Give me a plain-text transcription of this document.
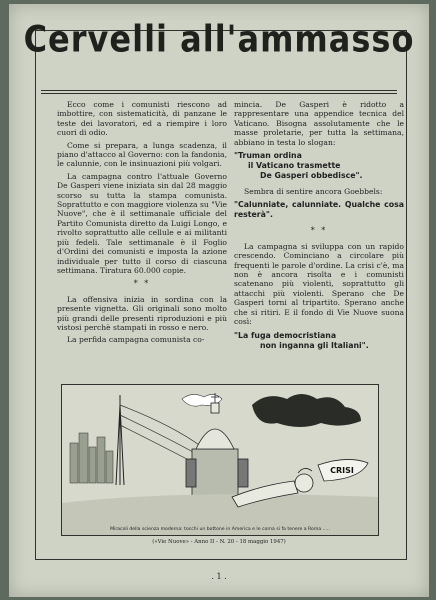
Cervelli all'ammasso

Ecco come i comunisti riescono ad imbottire, con sistematicità, di panzane le teste dei lavoratori, ed a riempire i loro cuori di odio.

Come si prepara, a lunga scadenza, il piano d'attacco al Governo: con la fandonia, le calunnie, con le insinuazioni più volgari.

La campagna contro l'attuale Governo De Gasperi viene iniziata sin dal 28 maggio scorso su tutta la stampa comunista. Soprattutto e con maggiore violenza su "Vie Nuove", che è il settimanale ufficiale del Partito Comunista diretto da Luigi Longo, e rivolto soprattutto alle cellule e ai militanti più fedeli. Tale settimanale è il Foglio d'Ordini dei comunisti e imposta la azione individuale per tutto il corso di ciascuna settimana. Tiratura 60.000 copie.

* *

La offensiva inizia in sordina con la presente vignetta. Gli originali sono molto più grandi delle presenti riproduzioni e più vistosi perchè stampati in rosso e nero.

La perfida campagna comunista co-

mincia. De Gasperi è ridotto a rappresentare una appendice tecnica del Vaticano. Bisogna assolutamente che le masse proletarie, per tutta la settimana, abbiano in testa lo slogan:

"Truman ordina
il Vaticano trasmette
De Gasperi obbedisce".

Sembra di sentire ancora Goebbels:

"Calunniate, calunniate. Qualche cosa resterà".
* *

La campagna si sviluppa con un rapido crescendo. Cominciano a circolare più frequenti le parole d'ordine. La crisi c'è, ma non è ancora risolta e i comunisti scatenano più violenti, soprattutto gli attacchi più violenti. Sperano che De Gasperi torni al tripartito. Sperano anche che si ritiri. E il fondo di Vie Nuove suona così:

"La fuga democristiana
non inganna gli Italiani".
CRISI
Miracoli della scienza moderna: tocchi un bottone in America e le corna si fa tenere a Roma .....
(«Vie Nuove» - Anno II - N. 20 - 18 maggio 1947)
. 1 .
